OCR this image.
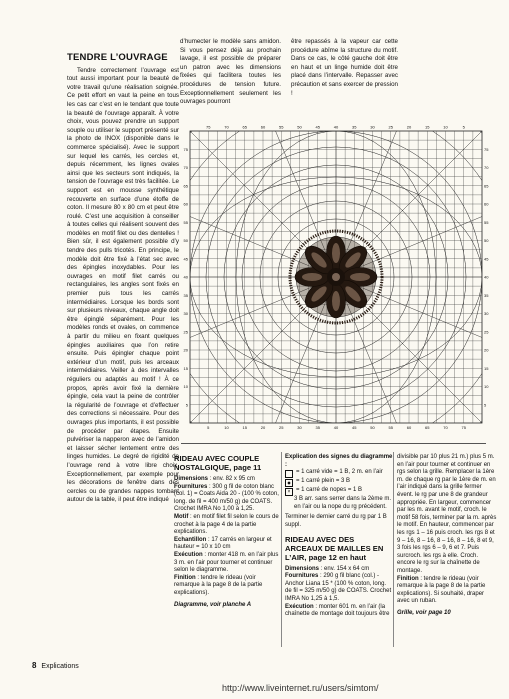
TENDRE L’OUVRAGE

Tendre correctement l’ouvrage est tout aussi important pour la beauté de votre travail qu’une réalisation soignée. Ce petit effort en vaut la peine en tous les cas car c’est en le tendant que toute la beauté de l’ouvrage apparaît. À votre choix, vous pouvez prendre un support souple ou utiliser le support présenté sur la photo de INOX (disponible dans le commerce spécialisé). Avec le support sur lequel les carrés, les cercles et, depuis récemment, les lignes ovales ainsi que les secteurs sont indiqués, la tension de l’ouvrage est très facilitée. Le support est en mousse synthétique recouverte en surface d’une étoffe de coton. Il mesure 80 x 80 cm et peut être roulé. C’est une acquisition à conseiller à toutes celles qui réalisent souvent des modèles en motif filet ou des dentelles ! Bien sûr, il est également possible d’y tendre des pulls tricotés. En principe, le modèle doit être fixé à l’état sec avec des épingles inoxydables. Pour les ouvrages en motif filet carrés ou rectangulaires, les angles sont fixés en premier puis tous les carrés intermédiaires. Lorsque les bords sont sur plusieurs niveaux, chaque angle doit être épinglé séparément. Pour les modèles ronds et ovales, on commence à partir du milieu en fixant quelques épingles auxiliaires que l’on retire ensuite. Puis épingler chaque point extérieur d’un motif, puis les arceaux intermédiaires. Veiller à des intervalles réguliers ou adaptés au motif ! À ce propos, après avoir fixé la dernière épingle, cela vaut la peine de contrôler la régularité de l’ouvrage et d’effectuer des corrections si nécessaire. Pour des ouvrages plus importants, il est possible de procéder par étapes. Ensuite pulvériser la napperon avec de l’amidon et laisser sécher lentement entre des linges humides. Le degré de rigidité de l’ouvrage rend à votre libre choix. Exceptionnellement, par exemple pour les décorations de fenêtre dans des cercles ou de grandes nappes tombant autour de la table, il peut être indiqué

d’humecter le modèle sans amidon. Si vous pensez déjà au prochain lavage, il est possible de préparer un patron avec les dimensions fixées qui facilitera toutes les procédures de tension future. Exceptionnellement seulement les ouvrages pourront

être repassés à la vapeur car cette procédure abîme la structure du motif. Dans ce cas, le côté gauche doit être en haut et un linge humide doit être placé dans l’intervalle. Repasser avec précaution et sans exercer de pression !

75	70	65	60	55	50	45	40	35	30	25	20	15	10	5
5	10	15	20	25	30	35	40	45	50	55	60	65	70	75
75	75
70	70
65	65
60	60
55	55
50	50
45	45
40	40
35	35
30	30
25	25
20	20
15	15
10	10
5	5
RIDEAU AVEC COUPLE NOSTALGIQUE, page 11
Dimensions : env. 82 x 95 cm
Fournitures : 300 g fil de coton blanc (col. 1) = Coats Aida 20 - (100 % coton, long. de fil = 400 m/50 g) de COATS. Crochet IMRA No 1,00 à 1,25.
Motif : en motif filet fil selon le cours de crochet à la page 4 de la partie explications.
Echantillon : 17 carrés en largeur et hauteur = 10 x 10 cm
Exécution : monter 418 m. en l’air plus 3 m. en l’air pour tourner et continuer selon le diagramme.
Finition : tendre le rideau (voir remarque à la page 8 de la partie explications).
Diagramme, voir planche A
Explication des signes du diagramme :
= 1 carré vide = 1 B, 2 m. en l’air
= 1 carré plein = 3 B
×
= 1 carré de nopes = 1 B
3 B arr. sans serrer dans la 2ème m. en l’air ou la nope du rg précédent.
Terminer le dernier carré du rg par 1 B suppl.
RIDEAU AVEC DES ARCEAUX DE MAILLES EN L’AIR, page 12 en haut
Dimensions : env. 154 x 64 cm
Fournitures : 290 g fil blanc (col.) - Anchor Liana 15 * (100 % coton, long. de fil = 325 m/50 g) de COATS. Crochet IMRA No 1,25 à 1,5.
Exécution : monter 601 m. en l’air (la chaînette de montage doit toujours être
divisible par 10 plus 21 m.) plus 5 m. en l’air pour tourner et continuer en rgs selon la grille. Remplacer la 1ère m. de chaque rg par le 1ère de m. en l’air indiqué dans la grille fermer évent. le rg par une 8 de grandeur appropriée. En largeur, commencer par les m. avant le motif, croch. le motif 58 fois, terminer par la m. après le motif. En hauteur, commencer par les rgs 1 – 16 puis croch. les rgs 8 et 9 – 16, 8 – 16, 8 – 16, 8 – 16, 8 et 9, 3 fois les rgs 6 – 9, 6 et 7. Puis surcroch. les rgs à elle. Croch. encore le rg sur la chaînette de montage.
Finition : tendre le rideau (voir remarque à la page 8 de la partie explications). Si souhaité, draper avec un ruban.
Grille, voir page 10
8 Explications
http://www.liveinternet.ru/users/simtom/
